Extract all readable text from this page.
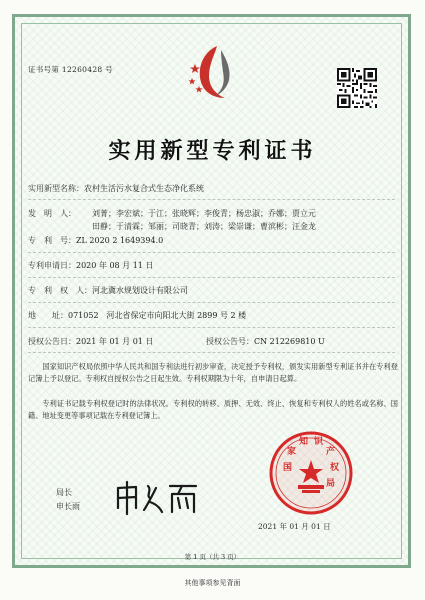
证书号第 12260428 号
实用新型专利证书
实用新型名称：农村生活污水复合式生态净化系统
发　明　人： 刘菁；李宏斌；于江；张晓辉；李俊青；杨忠淑；乔娜；贾立元
田静；于清霖；邹丽；司晓青；刘涛；梁崇谦；曹滨彬；汪金龙
专　利　号：ZL 2020 2 1649394.0
专利申请日：2020 年 08 月 11 日
专　利　权　人：河北冀水规划设计有限公司
地　　址：071052　河北省保定市向阳北大街 2899 号 2 楼
授权公告日：2021 年 01 月 01 日	授权公告号：CN 212269810 U
国家知识产权局依照中华人民共和国专利法进行初步审查，决定授予专利权，颁发实用新型专利证书并在专利登记簿上予以登记。专利权自授权公告之日起生效。专利权期限为十年，自申请日起算。
专利证书记载专利权登记时的法律状况。专利权的转移、质押、无效、终止、恢复和专利权人的姓名或名称、国籍、地址变更等事项记载在专利登记簿上。
局长
申长雨
国
家
知 识
产
权
局
2021 年 01 月 01 日
第 1 页（共 3 页）
其他事项参见背面
